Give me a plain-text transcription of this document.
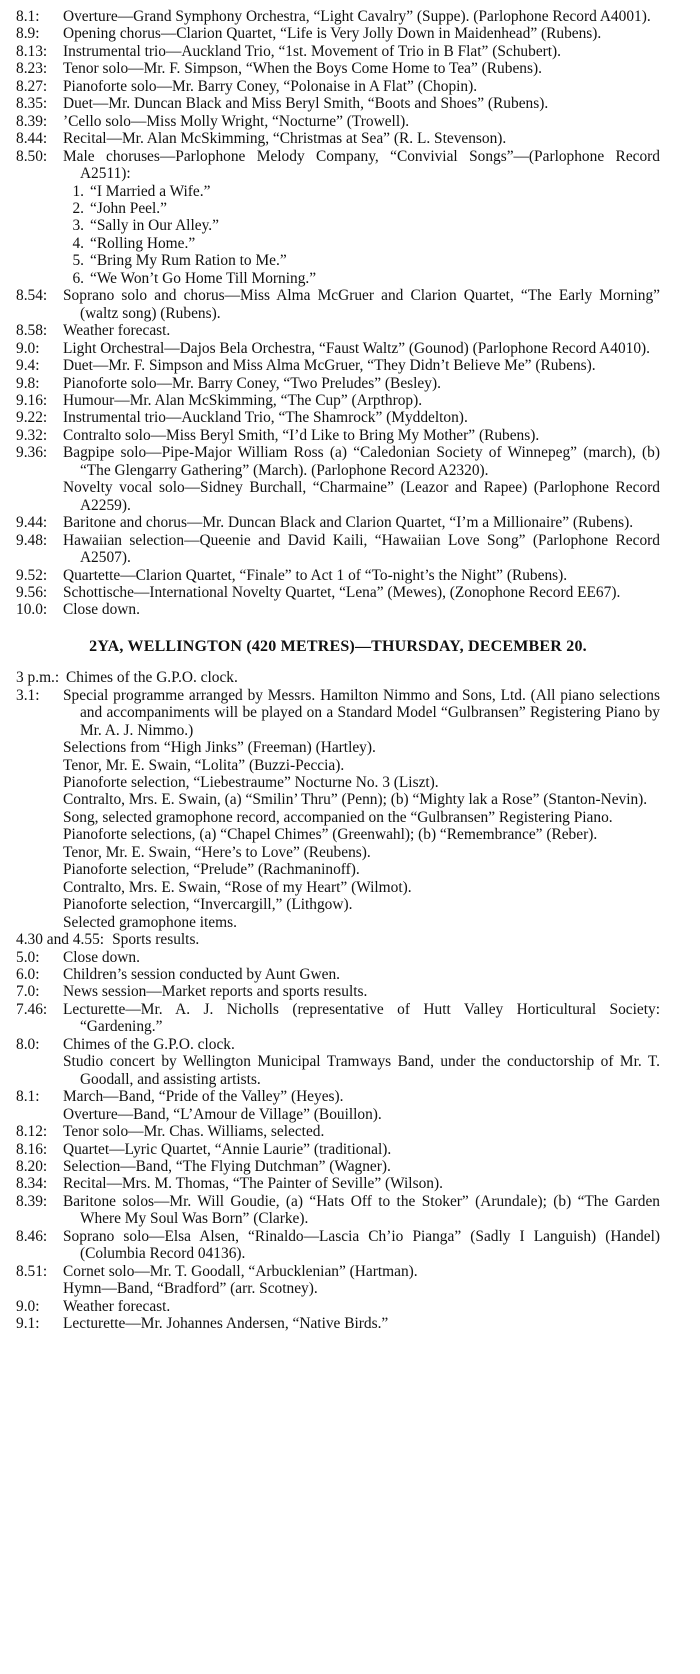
8.1:	Overture—Grand Symphony Orchestra, “Light Cavalry” (Suppe). (Parlophone Record A4001).
8.9:	Opening chorus—Clarion Quartet, “Life is Very Jolly Down in Maidenhead” (Rubens).
8.13:	Instrumental trio—Auckland Trio, “1st. Movement of Trio in B Flat” (Schubert).
8.23:	Tenor solo—Mr. F. Simpson, “When the Boys Come Home to Tea” (Rubens).
8.27:	Pianoforte solo—Mr. Barry Coney, “Polonaise in A Flat” (Chopin).
8.35:	Duet—Mr. Duncan Black and Miss Beryl Smith, “Boots and Shoes” (Rubens).
8.39:	’Cello solo—Miss Molly Wright, “Nocturne” (Trowell).
8.44:	Recital—Mr. Alan McSkimming, “Christmas at Sea” (R. L. Stevenson).
8.50:	Male choruses—Parlophone Melody Company, “Convivial Songs”—(Parlophone Record A2511):
1. “I Married a Wife.”
2. “John Peel.”
3. “Sally in Our Alley.”
4. “Rolling Home.”
5. “Bring My Rum Ration to Me.”
6. “We Won’t Go Home Till Morning.”
8.54:	Soprano solo and chorus—Miss Alma McGruer and Clarion Quartet, “The Early Morning” (waltz song) (Rubens).
8.58:	Weather forecast.
9.0:	Light Orchestral—Dajos Bela Orchestra, “Faust Waltz” (Gounod) (Parlophone Record A4010).
9.4:	Duet—Mr. F. Simpson and Miss Alma McGruer, “They Didn’t Believe Me” (Rubens).
9.8:	Pianoforte solo—Mr. Barry Coney, “Two Preludes” (Besley).
9.16:	Humour—Mr. Alan McSkimming, “The Cup” (Arpthrop).
9.22:	Instrumental trio—Auckland Trio, “The Shamrock” (Myddelton).
9.32:	Contralto solo—Miss Beryl Smith, “I’d Like to Bring My Mother” (Rubens).
9.36:	Bagpipe solo—Pipe-Major William Ross (a) “Caledonian Society of Winnepeg” (march), (b) “The Glengarry Gathering” (March). (Parlophone Record A2320).
Novelty vocal solo—Sidney Burchall, “Charmaine” (Leazor and Rapee) (Parlophone Record A2259).
9.44:	Baritone and chorus—Mr. Duncan Black and Clarion Quartet, “I’m a Millionaire” (Rubens).
9.48:	Hawaiian selection—Queenie and David Kaili, “Hawaiian Love Song” (Parlophone Record A2507).
9.52:	Quartette—Clarion Quartet, “Finale” to Act 1 of “To-night’s the Night” (Rubens).
9.56:	Schottische—International Novelty Quartet, “Lena” (Mewes), (Zonophone Record EE67).
10.0:	Close down.
2YA, WELLINGTON (420 METRES)—THURSDAY, DECEMBER 20.
3 p.m.: Chimes of the G.P.O. clock.
3.1:	Special programme arranged by Messrs. Hamilton Nimmo and Sons, Ltd. (All piano selections and accompaniments will be played on a Standard Model “Gulbransen” Registering Piano by Mr. A. J. Nimmo.)
Selections from “High Jinks” (Freeman) (Hartley).
Tenor, Mr. E. Swain, “Lolita” (Buzzi-Peccia).
Pianoforte selection, “Liebestraume” Nocturne No. 3 (Liszt).
Contralto, Mrs. E. Swain, (a) “Smilin’ Thru” (Penn); (b) “Mighty lak a Rose” (Stanton-Nevin).
Song, selected gramophone record, accompanied on the “Gulbransen” Registering Piano.
Pianoforte selections, (a) “Chapel Chimes” (Greenwahl); (b) “Remembrance” (Reber).
Tenor, Mr. E. Swain, “Here’s to Love” (Reubens).
Pianoforte selection, “Prelude” (Rachmaninoff).
Contralto, Mrs. E. Swain, “Rose of my Heart” (Wilmot).
Pianoforte selection, “Invercargill,” (Lithgow).
Selected gramophone items.
4.30 and 4.55: Sports results.
5.0:	Close down.
6.0:	Children’s session conducted by Aunt Gwen.
7.0:	News session—Market reports and sports results.
7.46:	Lecturette—Mr. A. J. Nicholls (representative of Hutt Valley Horticultural Society: “Gardening.”
8.0:	Chimes of the G.P.O. clock.
Studio concert by Wellington Municipal Tramways Band, under the conductorship of Mr. T. Goodall, and assisting artists.
8.1:	March—Band, “Pride of the Valley” (Heyes).
Overture—Band, “L’Amour de Village” (Bouillon).
8.12:	Tenor solo—Mr. Chas. Williams, selected.
8.16:	Quartet—Lyric Quartet, “Annie Laurie” (traditional).
8.20:	Selection—Band, “The Flying Dutchman” (Wagner).
8.34:	Recital—Mrs. M. Thomas, “The Painter of Seville” (Wilson).
8.39:	Baritone solos—Mr. Will Goudie, (a) “Hats Off to the Stoker” (Arundale); (b) “The Garden Where My Soul Was Born” (Clarke).
8.46:	Soprano solo—Elsa Alsen, “Rinaldo—Lascia Ch’io Pianga” (Sadly I Languish) (Handel) (Columbia Record 04136).
8.51:	Cornet solo—Mr. T. Goodall, “Arbucklenian” (Hartman).
Hymn—Band, “Bradford” (arr. Scotney).
9.0:	Weather forecast.
9.1:	Lecturette—Mr. Johannes Andersen, “Native Birds.”
